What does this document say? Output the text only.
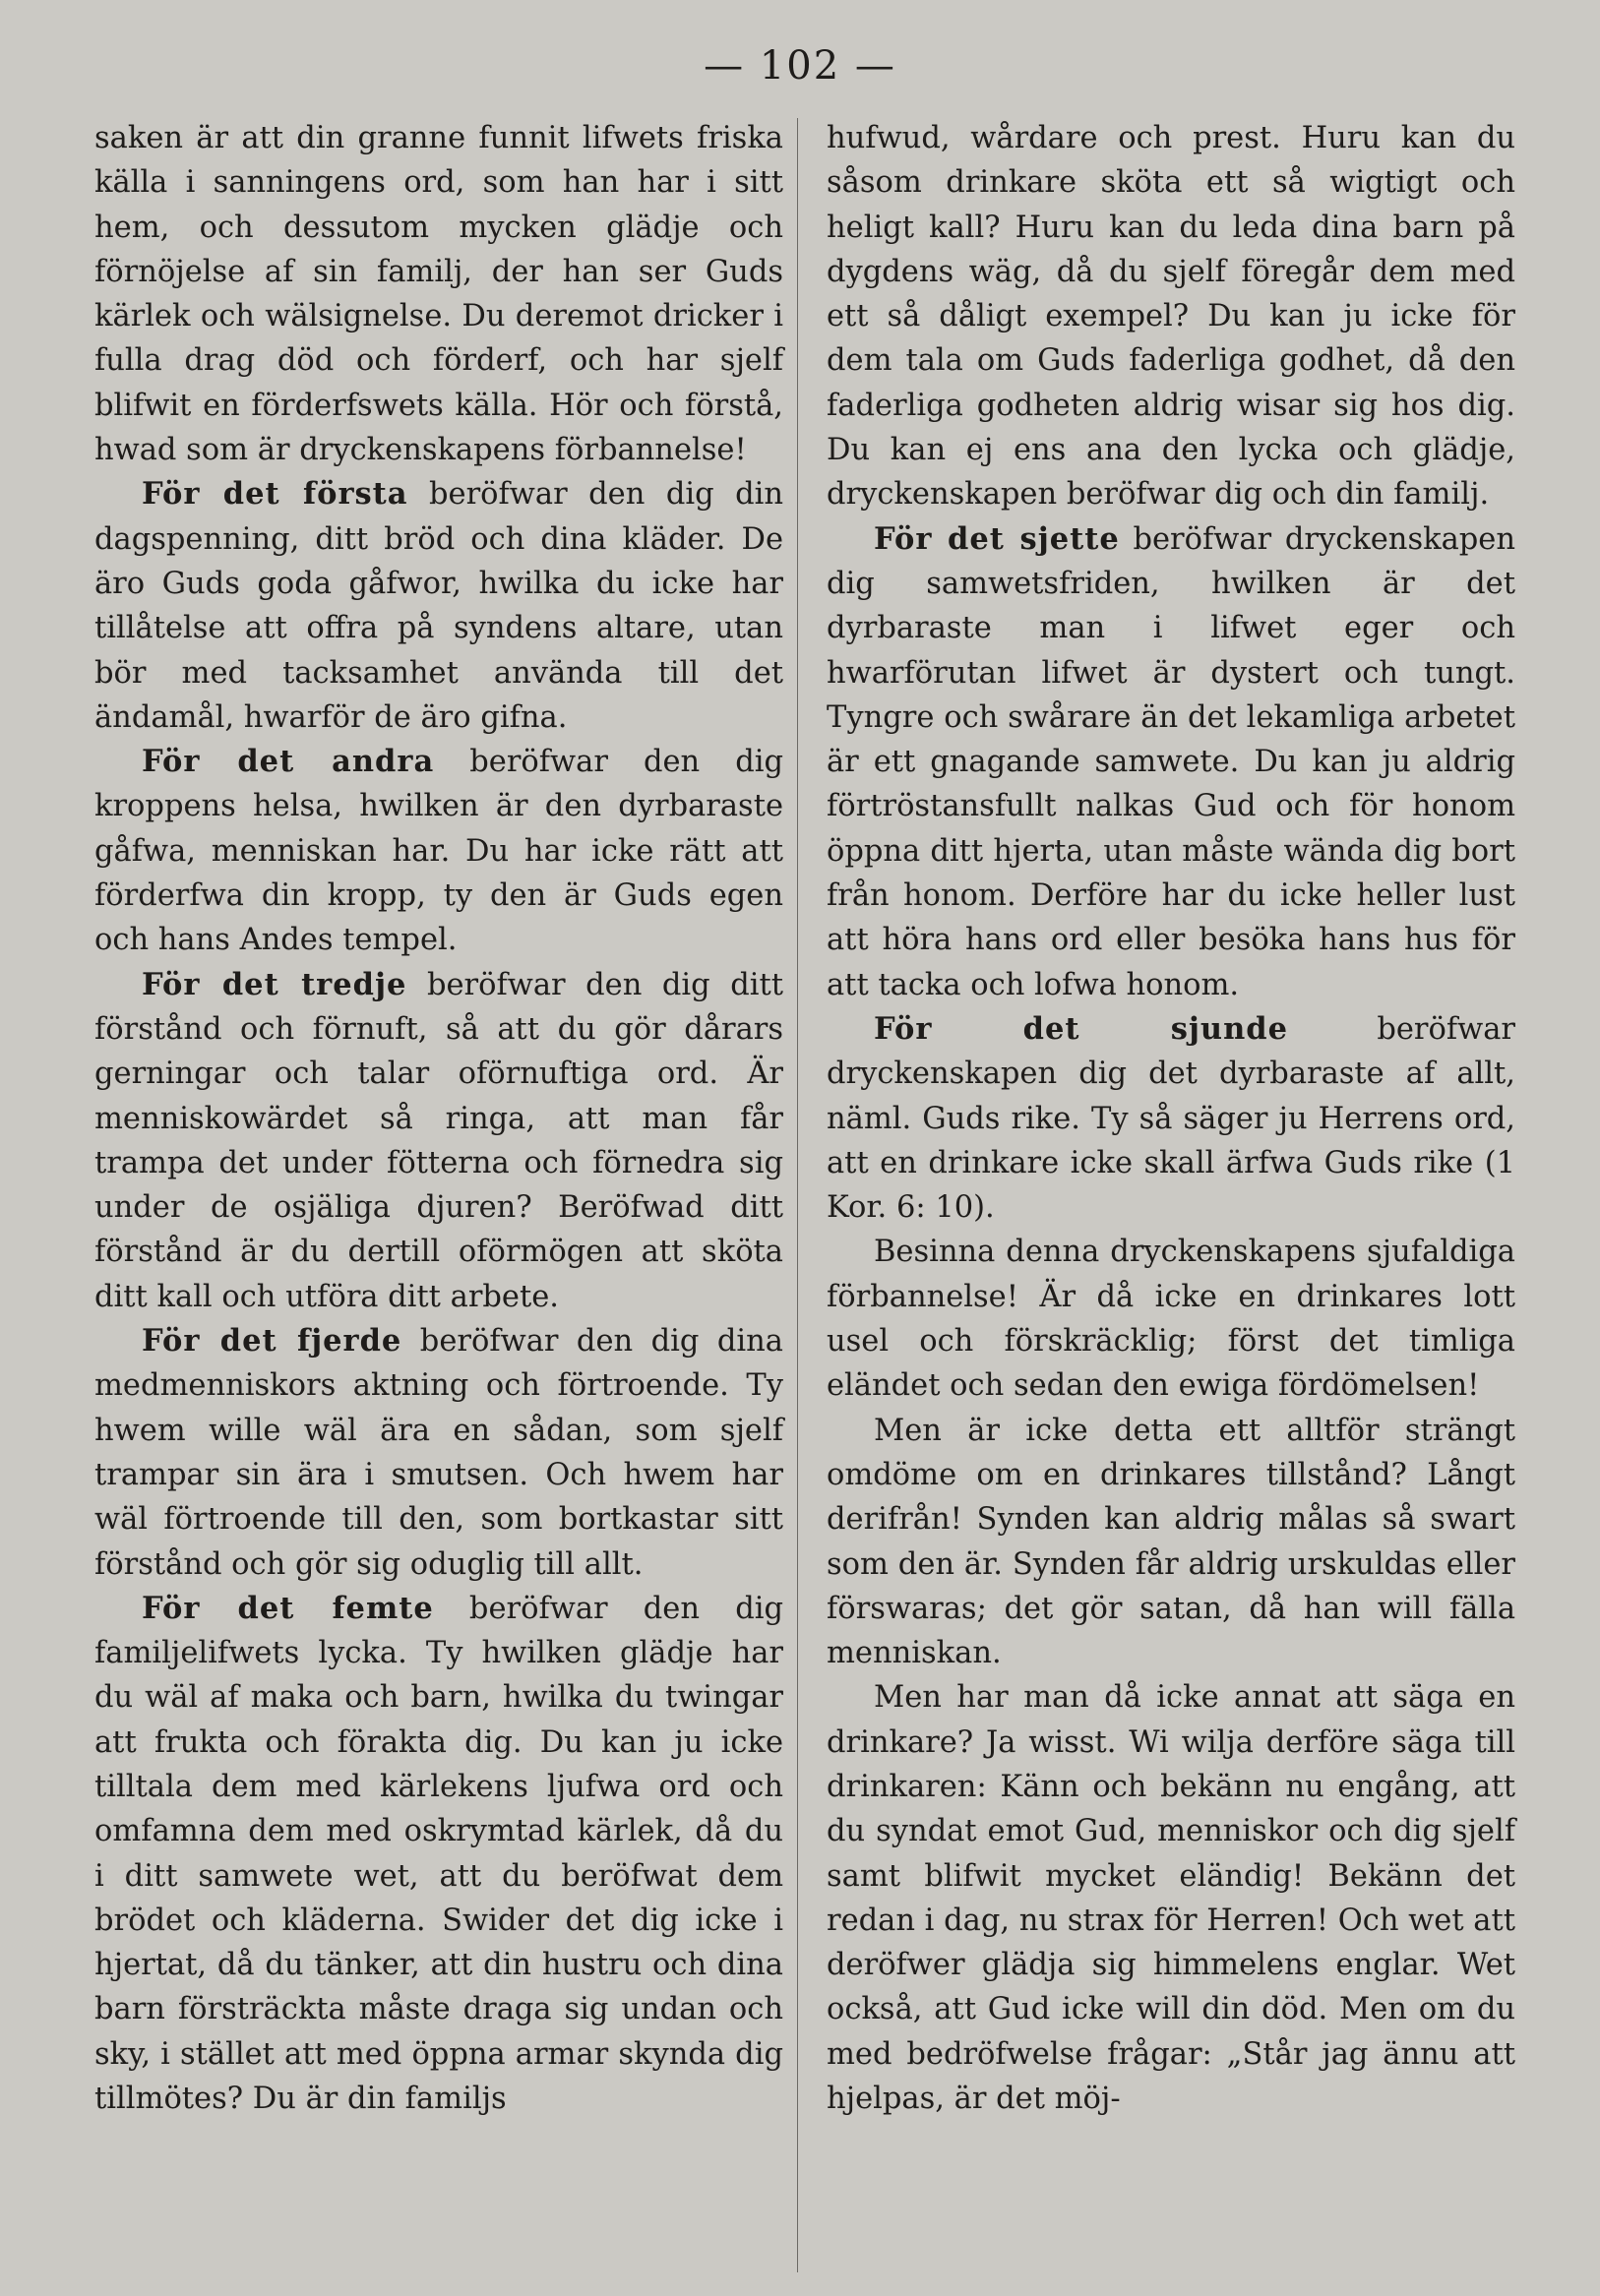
— 102 —

saken är att din granne funnit lifwets friska källa i sanningens ord, som han har i sitt hem, och dessutom mycken glädje och förnöjelse af sin familj, der han ser Guds kärlek och wälsignelse. Du deremot dricker i fulla drag död och förderf, och har sjelf blifwit en förderfswets källa. Hör och förstå, hwad som är dryckenskapens förbannelse!

För det första beröfwar den dig din dagspenning, ditt bröd och dina kläder. De äro Guds goda gåfwor, hwilka du icke har tillåtelse att offra på syndens altare, utan bör med tacksamhet använda till det ändamål, hwarför de äro gifna.

För det andra beröfwar den dig kroppens helsa, hwilken är den dyrbaraste gåfwa, menniskan har. Du har icke rätt att förderfwa din kropp, ty den är Guds egen och hans Andes tempel.

För det tredje beröfwar den dig ditt förstånd och förnuft, så att du gör dårars gerningar och talar oförnuftiga ord. Är menniskowärdet så ringa, att man får trampa det under fötterna och förnedra sig under de osjäliga djuren? Beröfwad ditt förstånd är du dertill oförmögen att sköta ditt kall och utföra ditt arbete.

För det fjerde beröfwar den dig dina medmenniskors aktning och förtroende. Ty hwem wille wäl ära en sådan, som sjelf trampar sin ära i smutsen. Och hwem har wäl förtroende till den, som bortkastar sitt förstånd och gör sig oduglig till allt.

För det femte beröfwar den dig familjelifwets lycka. Ty hwilken glädje har du wäl af maka och barn, hwilka du twingar att frukta och förakta dig. Du kan ju icke tilltala dem med kärlekens ljufwa ord och omfamna dem med oskrymtad kärlek, då du i ditt samwete wet, att du beröfwat dem brödet och kläderna. Swider det dig icke i hjertat, då du tänker, att din hustru och dina barn försträckta måste draga sig undan och sky, i stället att med öppna armar skynda dig tillmötes? Du är din familjs

hufwud, wårdare och prest. Huru kan du såsom drinkare sköta ett så wigtigt och heligt kall? Huru kan du leda dina barn på dygdens wäg, då du sjelf föregår dem med ett så dåligt exempel? Du kan ju icke för dem tala om Guds faderliga godhet, då den faderliga godheten aldrig wisar sig hos dig. Du kan ej ens ana den lycka och glädje, dryckenskapen beröfwar dig och din familj.

För det sjette beröfwar dryckenskapen dig samwetsfriden, hwilken är det dyrbaraste man i lifwet eger och hwarförutan lifwet är dystert och tungt. Tyngre och swårare än det lekamliga arbetet är ett gnagande samwete. Du kan ju aldrig förtröstansfullt nalkas Gud och för honom öppna ditt hjerta, utan måste wända dig bort från honom. Derföre har du icke heller lust att höra hans ord eller besöka hans hus för att tacka och lofwa honom.

För det sjunde beröfwar dryckenskapen dig det dyrbaraste af allt, näml. Guds rike. Ty så säger ju Herrens ord, att en drinkare icke skall ärfwa Guds rike (1 Kor. 6: 10).

Besinna denna dryckenskapens sjufaldiga förbannelse! Är då icke en drinkares lott usel och förskräcklig; först det timliga eländet och sedan den ewiga fördömelsen!

Men är icke detta ett alltför strängt omdöme om en drinkares tillstånd? Långt derifrån! Synden kan aldrig målas så swart som den är. Synden får aldrig urskuldas eller förswaras; det gör satan, då han will fälla menniskan.

Men har man då icke annat att säga en drinkare? Ja wisst. Wi wilja derföre säga till drinkaren: Känn och bekänn nu engång, att du syndat emot Gud, menniskor och dig sjelf samt blifwit mycket eländig! Bekänn det redan i dag, nu strax för Herren! Och wet att deröfwer glädja sig himmelens englar. Wet också, att Gud icke will din död. Men om du med bedröfwelse frågar: „Står jag ännu att hjelpas, är det möj-
